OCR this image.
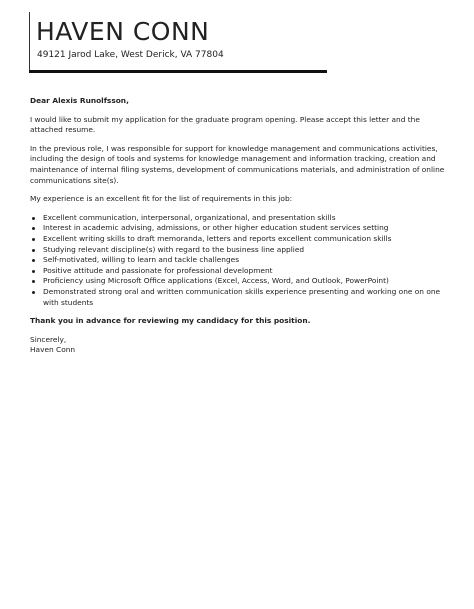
HAVEN CONN
49121 Jarod Lake, West Derick, VA 77804

Dear Alexis Runolfsson,

I would like to submit my application for the graduate program opening. Please accept this letter and the attached resume.

In the previous role, I was responsible for support for knowledge management and communications activities, including the design of tools and systems for knowledge management and information tracking, creation and maintenance of internal filing systems, development of communications materials, and administration of online communications site(s).

My experience is an excellent fit for the list of requirements in this job:

Excellent communication, interpersonal, organizational, and presentation skills
Interest in academic advising, admissions, or other higher education student services setting
Excellent writing skills to draft memoranda, letters and reports excellent communication skills
Studying relevant discipline(s) with regard to the business line applied
Self-motivated, willing to learn and tackle challenges
Positive attitude and passionate for professional development
Proficiency using Microsoft Office applications (Excel, Access, Word, and Outlook, PowerPoint)
Demonstrated strong oral and written communication skills experience presenting and working one on one with students

Thank you in advance for reviewing my candidacy for this position.

Sincerely,
Haven Conn
